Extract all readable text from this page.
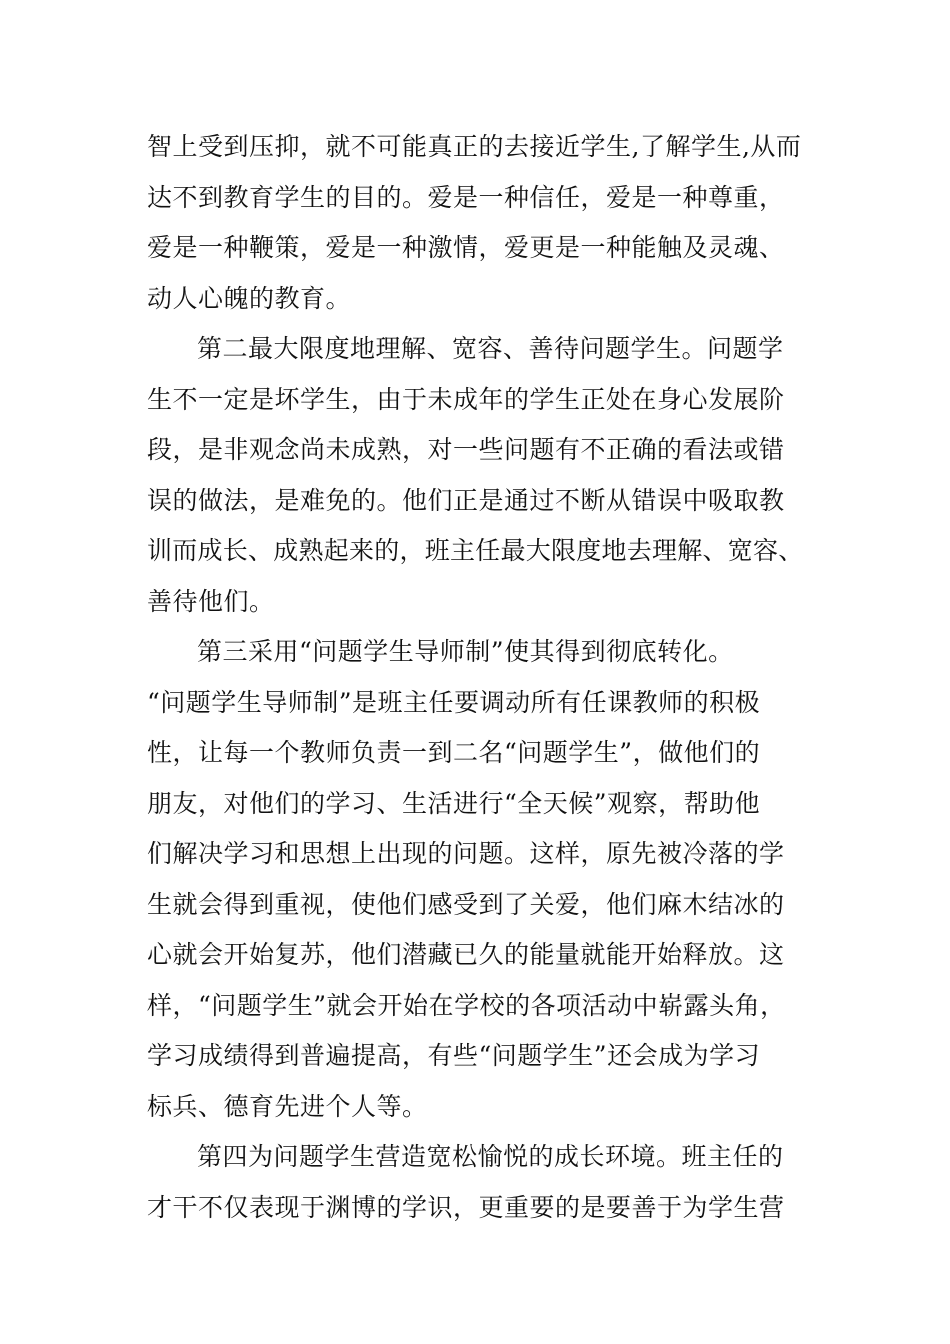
智上受到压抑，就不可能真正的去接近学生,了解学生,从而
达不到教育学生的目的。爱是一种信任，爱是一种尊重，
爱是一种鞭策，爱是一种激情，爱更是一种能触及灵魂、
动人心魄的教育。
第二最大限度地理解、宽容、善待问题学生。问题学
生不一定是坏学生，由于未成年的学生正处在身心发展阶
段，是非观念尚未成熟，对一些问题有不正确的看法或错
误的做法，是难免的。他们正是通过不断从错误中吸取教
训而成长、成熟起来的，班主任最大限度地去理解、宽容、
善待他们。
第三采用“问题学生导师制”使其得到彻底转化。
“问题学生导师制”是班主任要调动所有任课教师的积极
性，让每一个教师负责一到二名“问题学生”，做他们的
朋友，对他们的学习、生活进行“全天候”观察，帮助他
们解决学习和思想上出现的问题。这样，原先被冷落的学
生就会得到重视，使他们感受到了关爱，他们麻木结冰的
心就会开始复苏，他们潜藏已久的能量就能开始释放。这
样，“问题学生”就会开始在学校的各项活动中崭露头角，
学习成绩得到普遍提高，有些“问题学生”还会成为学习
标兵、德育先进个人等。
第四为问题学生营造宽松愉悦的成长环境。班主任的
才干不仅表现于渊博的学识，更重要的是要善于为学生营
